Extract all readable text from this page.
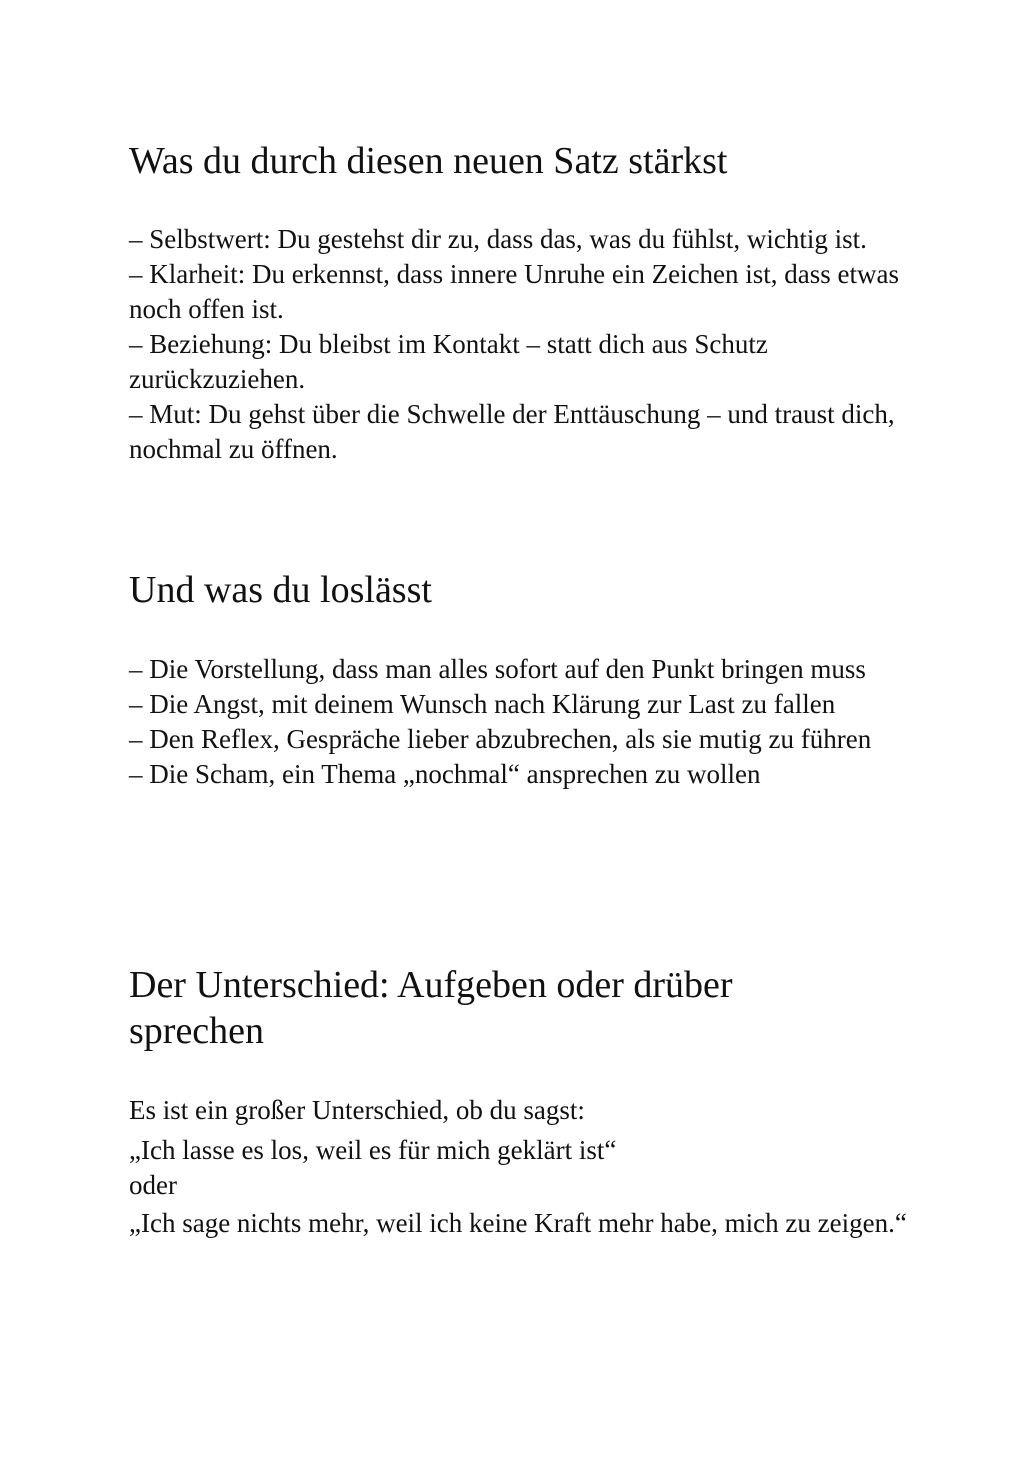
Was du durch diesen neuen Satz stärkst
– Selbstwert: Du gestehst dir zu, dass das, was du fühlst, wichtig ist.
– Klarheit: Du erkennst, dass innere Unruhe ein Zeichen ist, dass etwas noch offen ist.
– Beziehung: Du bleibst im Kontakt – statt dich aus Schutz zurückzuziehen.
– Mut: Du gehst über die Schwelle der Enttäuschung – und traust dich, nochmal zu öffnen.
Und was du loslässt
– Die Vorstellung, dass man alles sofort auf den Punkt bringen muss
– Die Angst, mit deinem Wunsch nach Klärung zur Last zu fallen
– Den Reflex, Gespräche lieber abzubrechen, als sie mutig zu führen
– Die Scham, ein Thema „nochmal“ ansprechen zu wollen
Der Unterschied: Aufgeben oder drüber sprechen
Es ist ein großer Unterschied, ob du sagst:
„Ich lasse es los, weil es für mich geklärt ist“
oder
„Ich sage nichts mehr, weil ich keine Kraft mehr habe, mich zu zeigen.“
